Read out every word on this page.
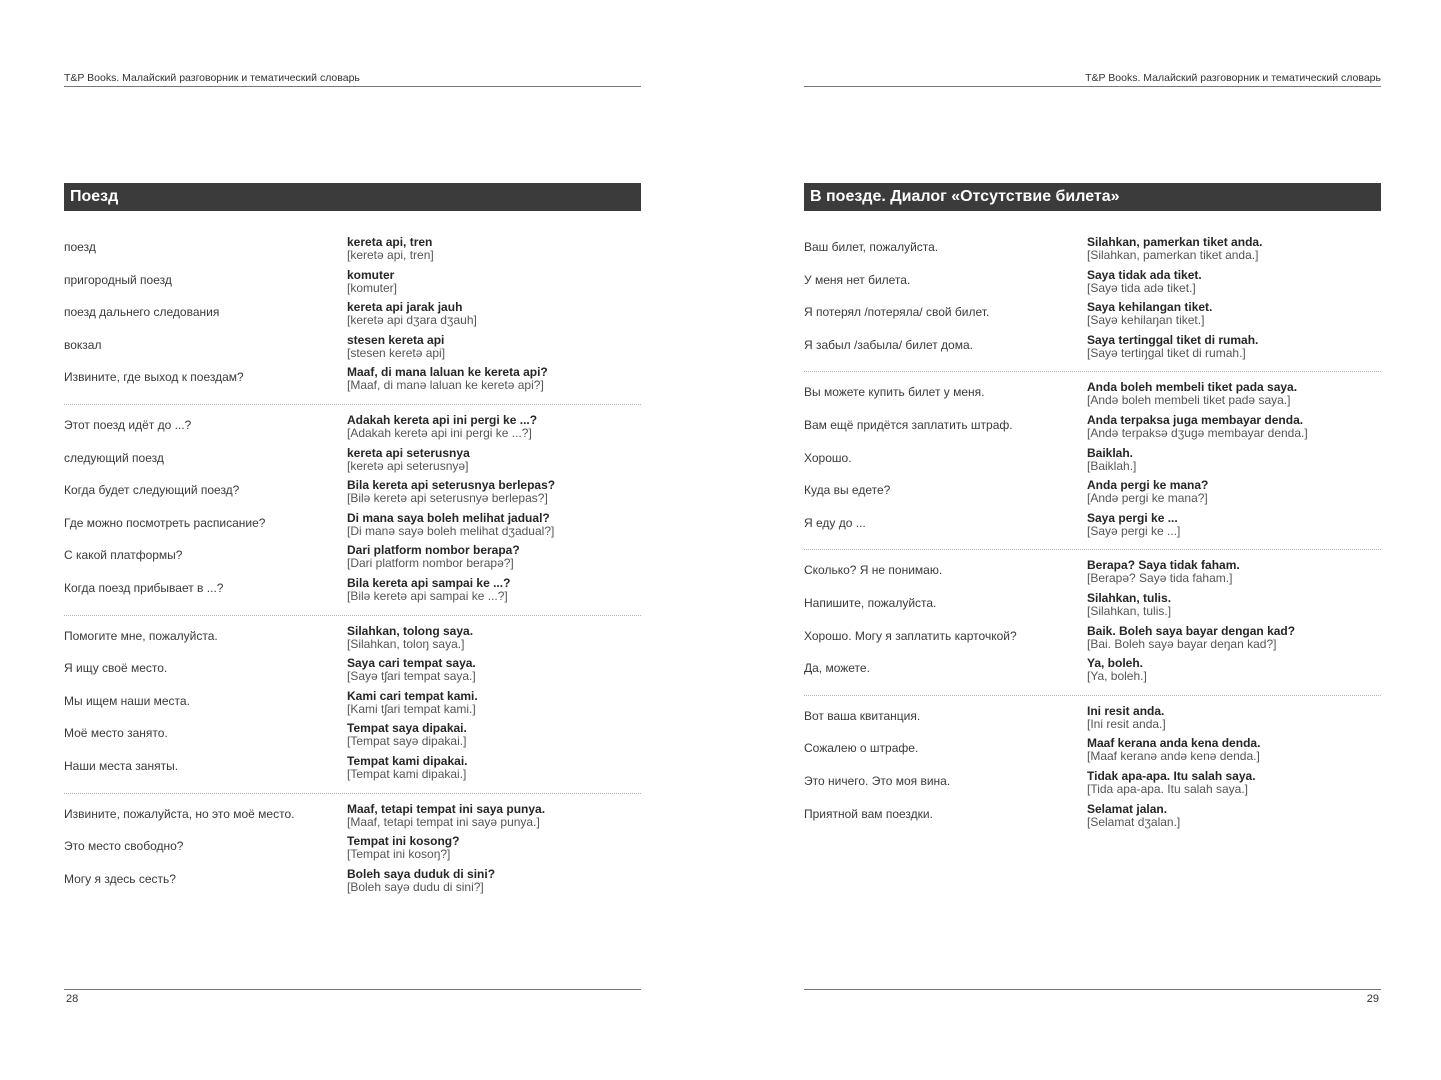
T&P Books. Малайский разговорник и тематический словарь
Поезд
поезд	kereta api, tren
[keretə api, tren]
пригородный поезд	komuter
[komuter]
поезд дальнего следования	kereta api jarak jauh
[keretə api dʒara dʒauh]
вокзал	stesen kereta api
[stesen keretə api]
Извините, где выход к поездам?	Maaf, di mana laluan ke kereta api?
[Maaf, di manə laluan ke keretə api?]
Этот поезд идёт до ...?	Adakah kereta api ini pergi ke ...?
[Adakah keretə api ini pergi ke ...?]
следующий поезд	kereta api seterusnya
[keretə api seterusnyə]
Когда будет следующий поезд?	Bila kereta api seterusnya berlepas?
[Bilə keretə api seterusnyə berlepas?]
Где можно посмотреть расписание?	Di mana saya boleh melihat jadual?
[Di manə sayə boleh melihat dʒadual?]
С какой платформы?	Dari platform nombor berapa?
[Dari platform nombor berapə?]
Когда поезд прибывает в ...?	Bila kereta api sampai ke ...?
[Bilə keretə api sampai ke ...?]
Помогите мне, пожалуйста.	Silahkan, tolong saya.
[Silahkan, toloŋ saya.]
Я ищу своё место.	Saya cari tempat saya.
[Sayə tʃari tempat saya.]
Мы ищем наши места.	Kami cari tempat kami.
[Kami tʃari tempat kami.]
Моё место занято.	Tempat saya dipakai.
[Tempat sayə dipakai.]
Наши места заняты.	Tempat kami dipakai.
[Tempat kami dipakai.]
Извините, пожалуйста, но это моё место.	Maaf, tetapi tempat ini saya punya.
[Maaf, tetapi tempat ini sayə punya.]
Это место свободно?	Tempat ini kosong?
[Tempat ini kosoŋ?]
Могу я здесь сесть?	Boleh saya duduk di sini?
[Boleh sayə dudu di sini?]
28
T&P Books. Малайский разговорник и тематический словарь
В поезде. Диалог «Отсутствие билета»
Ваш билет, пожалуйста.	Silahkan, pamerkan tiket anda.
[Silahkan, pamerkan tiket anda.]
У меня нет билета.	Saya tidak ada tiket.
[Sayə tida adə tiket.]
Я потерял /потеряла/ свой билет.	Saya kehilangan tiket.
[Sayə kehilaŋan tiket.]
Я забыл /забыла/ билет дома.	Saya tertinggal tiket di rumah.
[Sayə tertiŋgal tiket di rumah.]
Вы можете купить билет у меня.	Anda boleh membeli tiket pada saya.
[Andə boleh membeli tiket padə saya.]
Вам ещё придётся заплатить штраф.	Anda terpaksa juga membayar denda.
[Andə terpaksə dʒugə membayar denda.]
Хорошо.	Baiklah.
[Baiklah.]
Куда вы едете?	Anda pergi ke mana?
[Andə pergi ke mana?]
Я еду до ...	Saya pergi ke ...
[Sayə pergi ke ...]
Сколько? Я не понимаю.	Berapa? Saya tidak faham.
[Berapə? Sayə tida faham.]
Напишите, пожалуйста.	Silahkan, tulis.
[Silahkan, tulis.]
Хорошо. Могу я заплатить карточкой?	Baik. Boleh saya bayar dengan kad?
[Bai. Boleh sayə bayar deŋan kad?]
Да, можете.	Ya, boleh.
[Ya, boleh.]
Вот ваша квитанция.	Ini resit anda.
[Ini resit anda.]
Сожалею о штрафе.	Maaf kerana anda kena denda.
[Maaf keranə andə kenə denda.]
Это ничего. Это моя вина.	Tidak apa-apa. Itu salah saya.
[Tida apa-apa. Itu salah saya.]
Приятной вам поездки.	Selamat jalan.
[Selamat dʒalan.]
29
